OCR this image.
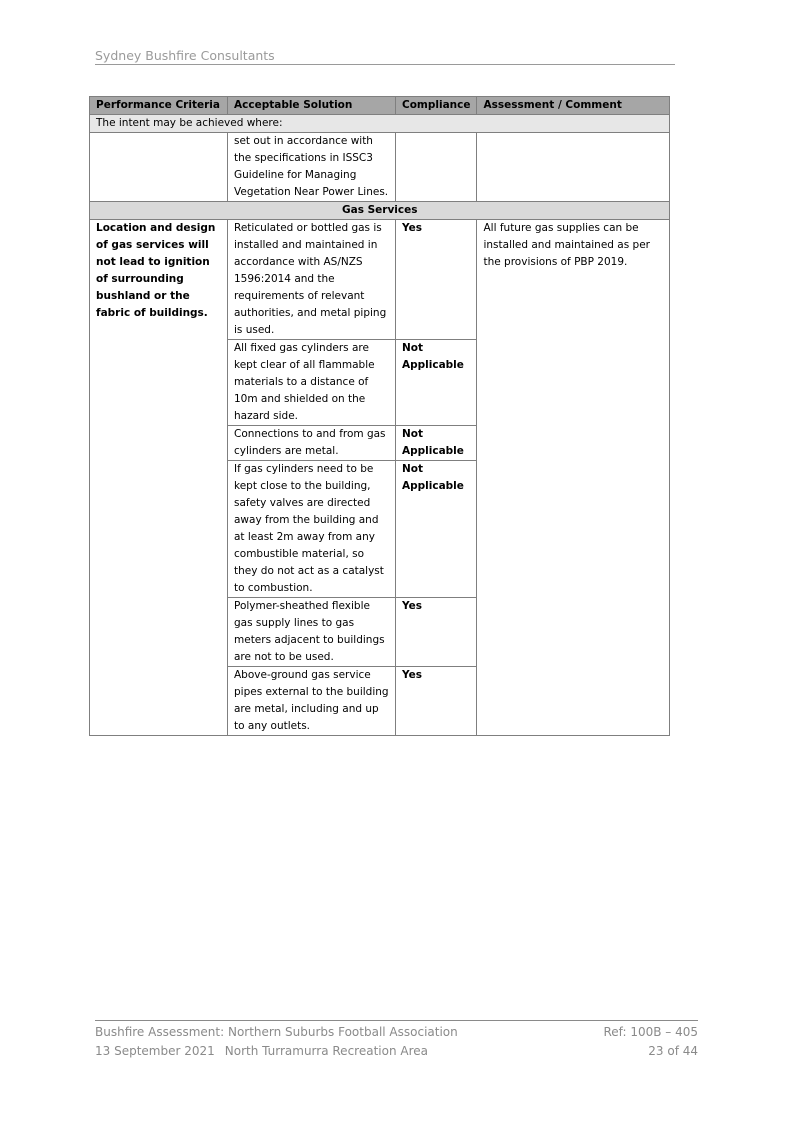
Sydney Bushfire Consultants
Performance Criteria	Acceptable Solution	Compliance	Assessment / Comment
The intent may be achieved where:			
	set out in accordance with the specifications in ISSC3 Guideline for Managing Vegetation Near Power Lines.		
Gas Services			
Location and design of gas services will not lead to ignition of surrounding bushland or the fabric of buildings.	Reticulated or bottled gas is installed and maintained in accordance with AS/NZS 1596:2014 and the requirements of relevant authorities, and metal piping is used.	Yes	All future gas supplies can be installed and maintained as per the provisions of PBP 2019.
	All fixed gas cylinders are kept clear of all flammable materials to a distance of 10m and shielded on the hazard side.	Not Applicable	
	Connections to and from gas cylinders are metal.	Not Applicable	
	If gas cylinders need to be kept close to the building, safety valves are directed away from the building and at least 2m away from any combustible material, so they do not act as a catalyst to combustion.	Not Applicable	
	Polymer-sheathed flexible gas supply lines to gas meters adjacent to buildings are not to be used.	Yes	
	Above-ground gas service pipes external to the building are metal, including and up to any outlets.	Yes	
Bushfire Assessment: Northern Suburbs Football Association	Ref: 100B – 405
13 September 2021 North Turramurra Recreation Area	23 of 44
